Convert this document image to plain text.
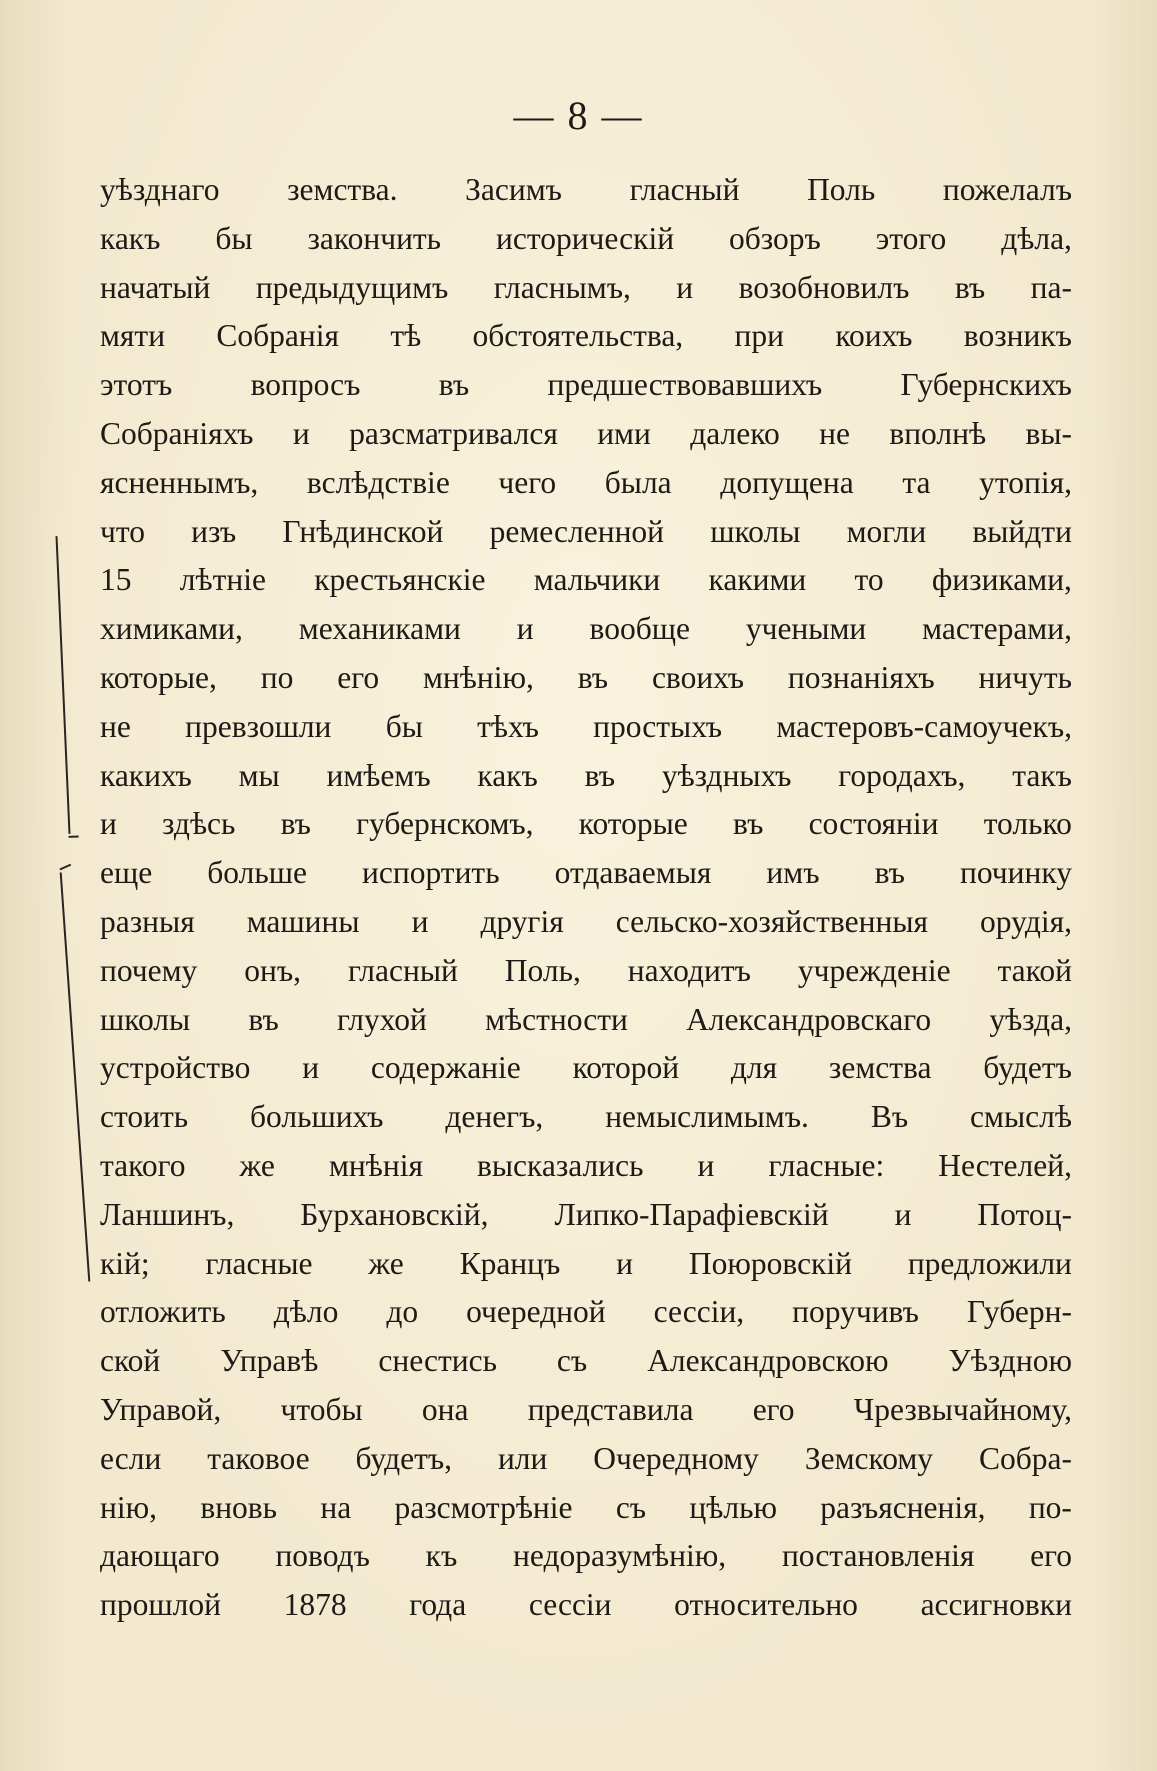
— 8 —
уѣзднаго земства. Засимъ гласный Поль пожелалъ
какъ бы закончить историческій обзоръ этого дѣла,
начатый предыдущимъ гласнымъ, и возобновилъ въ па-
мяти Собранія тѣ обстоятельства, при коихъ возникъ
этотъ вопросъ въ предшествовавшихъ Губернскихъ
Собраніяхъ и разсматривался ими далеко не вполнѣ вы-
ясненнымъ, вслѣдствіе чего была допущена та утопія,
что изъ Гнѣдинской ремесленной школы могли выйдти
15 лѣтніе крестьянскіе мальчики какими то физиками,
химиками, механиками и вообще учеными мастерами,
которые, по его мнѣнію, въ своихъ познаніяхъ ничуть
не превзошли бы тѣхъ простыхъ мастеровъ-самоучекъ,
какихъ мы имѣемъ какъ въ уѣздныхъ городахъ, такъ
и здѣсь въ губернскомъ, которые въ состояніи только
еще больше испортить отдаваемыя имъ въ починку
разныя машины и другія сельско-хозяйственныя орудія,
почему онъ, гласный Поль, находитъ учрежденіе такой
школы въ глухой мѣстности Александровскаго уѣзда,
устройство и содержаніе которой для земства будетъ
стоить большихъ денегъ, немыслимымъ. Въ смыслѣ
такого же мнѣнія высказались и гласные: Нестелей,
Ланшинъ, Бурхановскій, Липко-Парафіевскій и Потоц-
кій; гласные же Кранцъ и Поюровскій предложили
отложить дѣло до очередной сессіи, поручивъ Губерн-
ской Управѣ снестись съ Александровскою Уѣздною
Управой, чтобы она представила его Чрезвычайному,
если таковое будетъ, или Очередному Земскому Собра-
нію, вновь на разсмотрѣніе съ цѣлью разъясненія, по-
дающаго поводъ къ недоразумѣнію, постановленія его
прошлой 1878 года сессіи относительно ассигновки
